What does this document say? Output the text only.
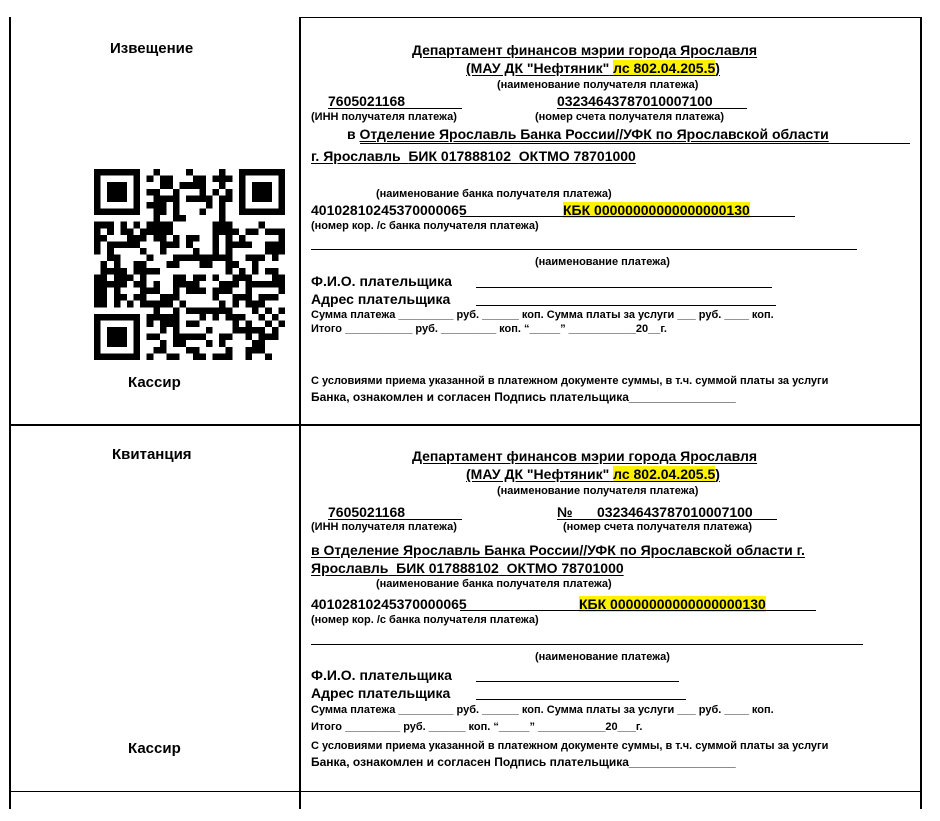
Извещение
Кассир
Квитанция
Кассир
Департамент финансов мэрии города Ярославля
(МАУ ДК "Нефтяник" лс 802.04.205.5)
(наименование получателя платежа)
7605021168	03234643787010007100
(ИНН получателя платежа)	(номер счета получателя платежа)
в Отделение Ярославль Банка России//УФК по Ярославской области
г. Ярославль БИК 017888102 ОКТМО 78701000
(наименование банка получателя платежа)
40102810245370000065	КБК 00000000000000000130
(номер кор. /с банка получателя платежа)
(наименование платежа)
Ф.И.О. плательщика
Адрес плательщика
Сумма платежа _________ руб. ______ коп. Сумма платы за услуги ___ руб. ____ коп.
Итого ___________ руб. _________ коп. “_____” ___________20__г.
С условиями приема указанной в платежном документе суммы, в т.ч. суммой платы за услуги
Банка, ознакомлен и согласен Подпись плательщика________________
Департамент финансов мэрии города Ярославля
(МАУ ДК "Нефтяник" лс 802.04.205.5)
(наименование получателя платежа)
7605021168	№ 03234643787010007100
(ИНН получателя платежа)	(номер счета получателя платежа)
в Отделение Ярославль Банка России//УФК по Ярославской области г.
Ярославль БИК 017888102 ОКТМО 78701000
(наименование банка получателя платежа)
40102810245370000065	КБК 00000000000000000130
(номер кор. /с банка получателя платежа)
(наименование платежа)
Ф.И.О. плательщика
Адрес плательщика
Сумма платежа _________ руб. ______ коп. Сумма платы за услуги ___ руб. ____ коп.
Итого _________ руб. ______ коп. “_____” ___________20___г.
С условиями приема указанной в платежном документе суммы, в т.ч. суммой платы за услуги
Банка, ознакомлен и согласен Подпись плательщика________________
